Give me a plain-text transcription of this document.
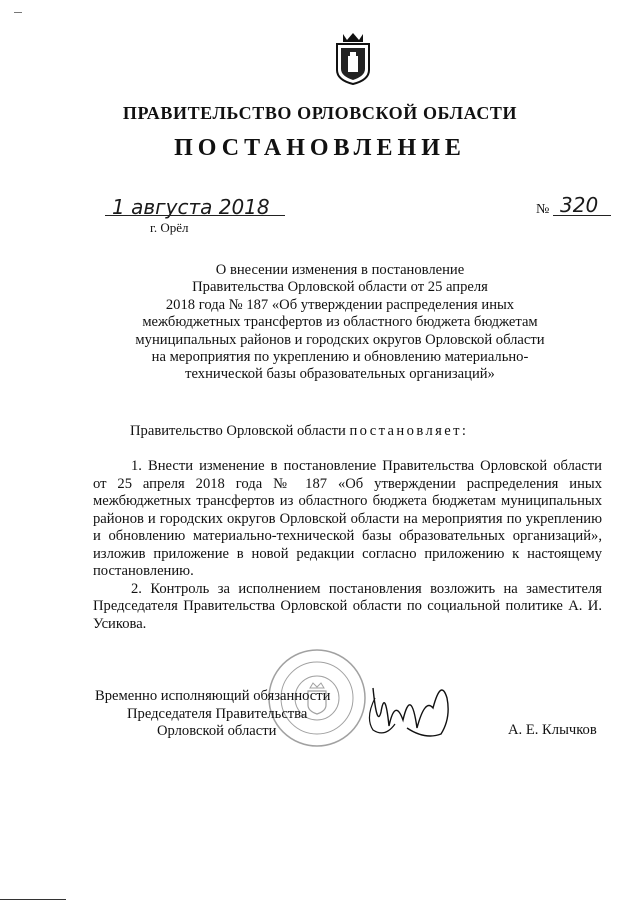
ПРАВИТЕЛЬСТВО ОРЛОВСКОЙ ОБЛАСТИ
ПОСТАНОВЛЕНИЕ
1 августа 2018	№ 320
г. Орёл
О внесении изменения в постановление
Правительства Орловской области от 25 апреля
2018 года № 187 «Об утверждении распределения иных
межбюджетных трансфертов из областного бюджета бюджетам
муниципальных районов и городских округов Орловской области
на мероприятия по укреплению и обновлению материально-
технической базы образовательных организаций»
Правительство Орловской области постановляет:

1. Внести изменение в постановление Правительства Орловской области от 25 апреля 2018 года № 187 «Об утверждении распределения иных межбюджетных трансфертов из областного бюджета бюджетам муниципальных районов и городских округов Орловской области на мероприятия по укреплению и обновлению материально-технической базы образовательных организаций», изложив приложение в новой редакции согласно приложению к настоящему постановлению.

2. Контроль за исполнением постановления возложить на заместителя Председателя Правительства Орловской области по социальной политике А. И. Усикова.

Временно исполняющий обязанности
Председателя Правительства
Орловской области	А. Е. Клычков
